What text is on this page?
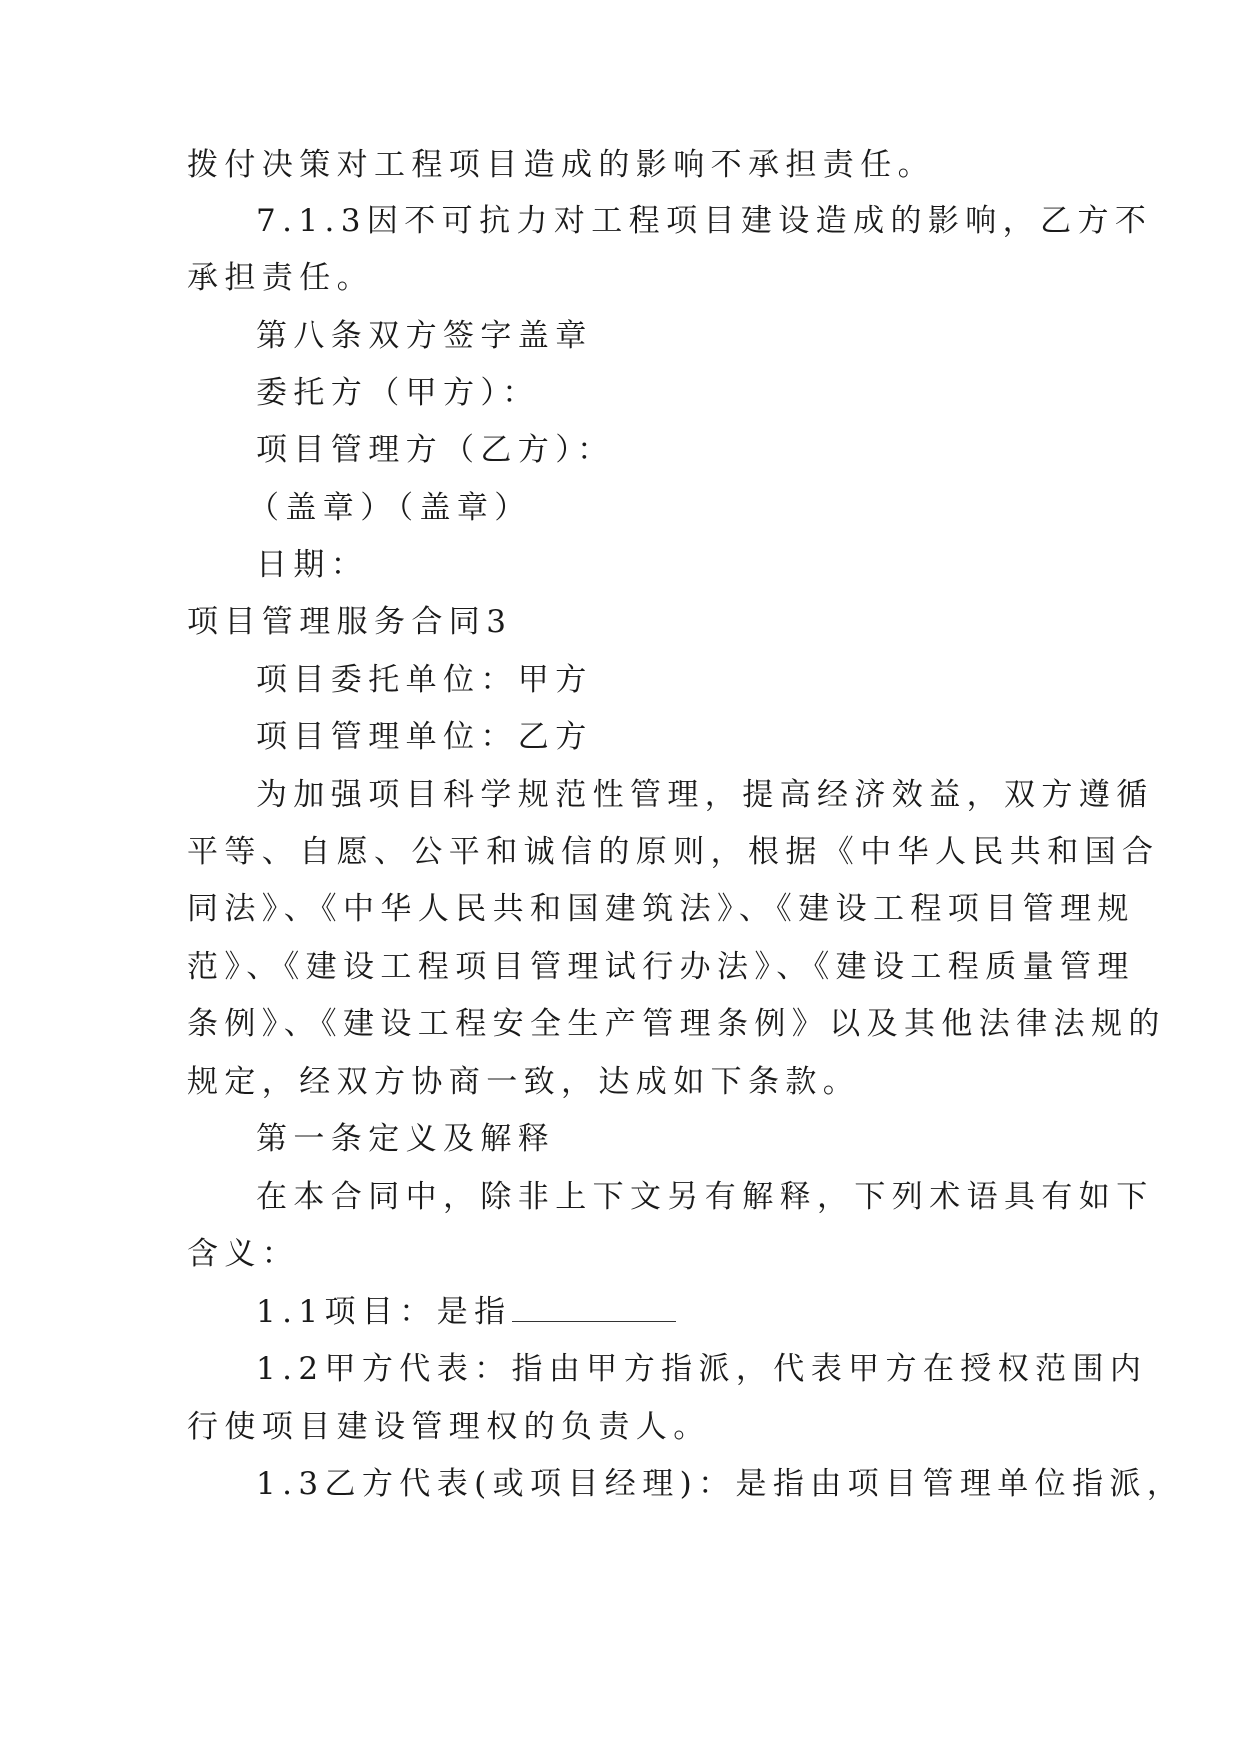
拨付决策对工程项目造成的影响不承担责任。
7.1.3因不可抗力对工程项目建设造成的影响，乙方不
承担责任。
第八条双方签字盖章
委托方（甲方）：
项目管理方（乙方）：
（盖章）（盖章）
日期：
项目管理服务合同3
项目委托单位：甲方
项目管理单位：乙方
为加强项目科学规范性管理，提高经济效益，双方遵循
平等、自愿、公平和诚信的原则，根据《中华人民共和国合
同法》、《中华人民共和国建筑法》、《建设工程项目管理规
范》、《建设工程项目管理试行办法》、《建设工程质量管理
条例》、《建设工程安全生产管理条例》以及其他法律法规的
规定，经双方协商一致，达成如下条款。
第一条定义及解释
在本合同中，除非上下文另有解释，下列术语具有如下
含义：
1.1项目：是指
1.2甲方代表：指由甲方指派，代表甲方在授权范围内
行使项目建设管理权的负责人。
1.3乙方代表(或项目经理)：是指由项目管理单位指派，
